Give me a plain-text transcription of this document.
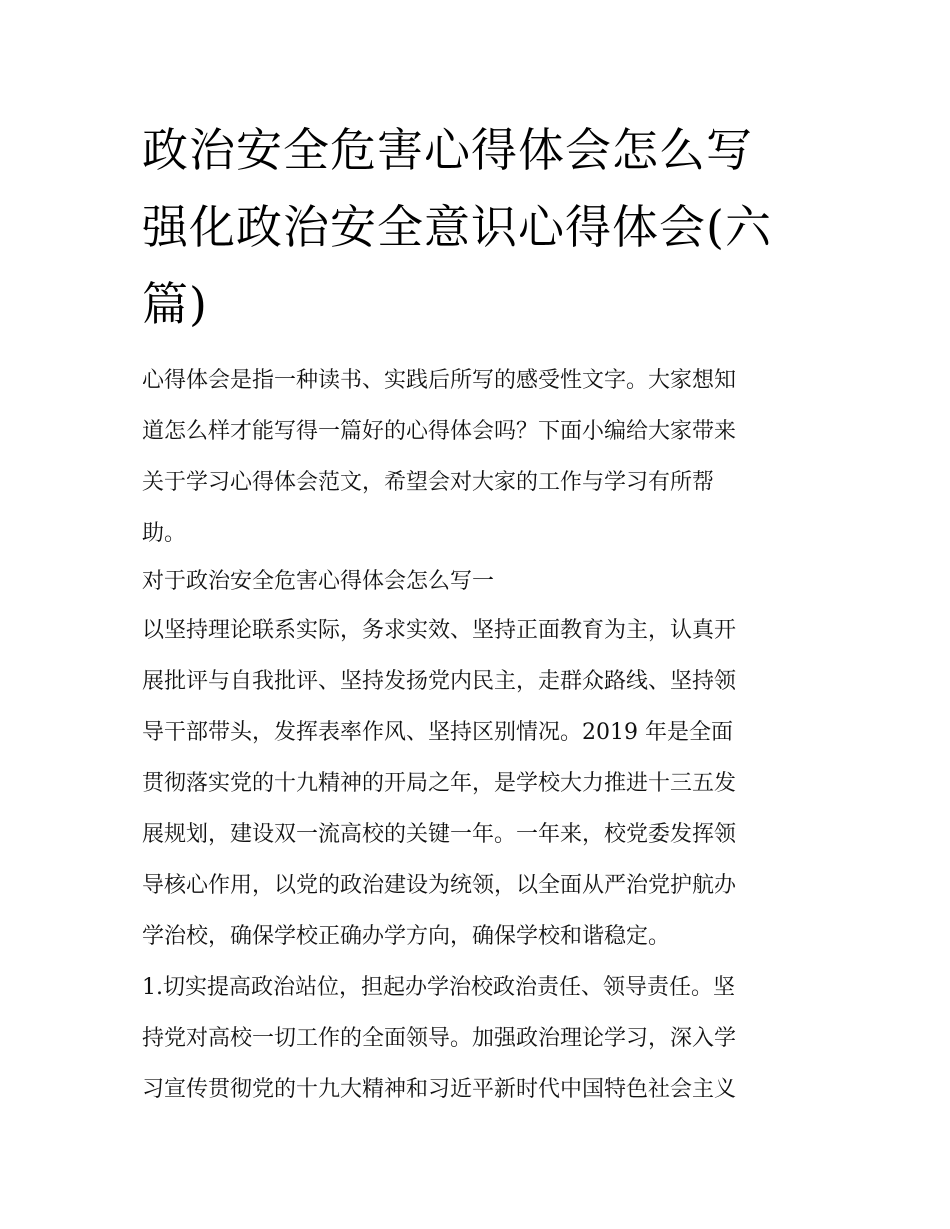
政治安全危害心得体会怎么写
强化政治安全意识心得体会(六
篇)

心得体会是指一种读书、实践后所写的感受性文字。大家想知
道怎么样才能写得一篇好的心得体会吗？下面小编给大家带来
关于学习心得体会范文，希望会对大家的工作与学习有所帮
助。

对于政治安全危害心得体会怎么写一

以坚持理论联系实际，务求实效、坚持正面教育为主，认真开
展批评与自我批评、坚持发扬党内民主，走群众路线、坚持领
导干部带头，发挥表率作风、坚持区别情况。2019 年是全面
贯彻落实党的十九精神的开局之年，是学校大力推进十三五发
展规划，建设双一流高校的关键一年。一年来，校党委发挥领
导核心作用，以党的政治建设为统领，以全面从严治党护航办
学治校，确保学校正确办学方向，确保学校和谐稳定。

1.切实提高政治站位，担起办学治校政治责任、领导责任。坚
持党对高校一切工作的全面领导。加强政治理论学习，深入学
习宣传贯彻党的十九大精神和习近平新时代中国特色社会主义
